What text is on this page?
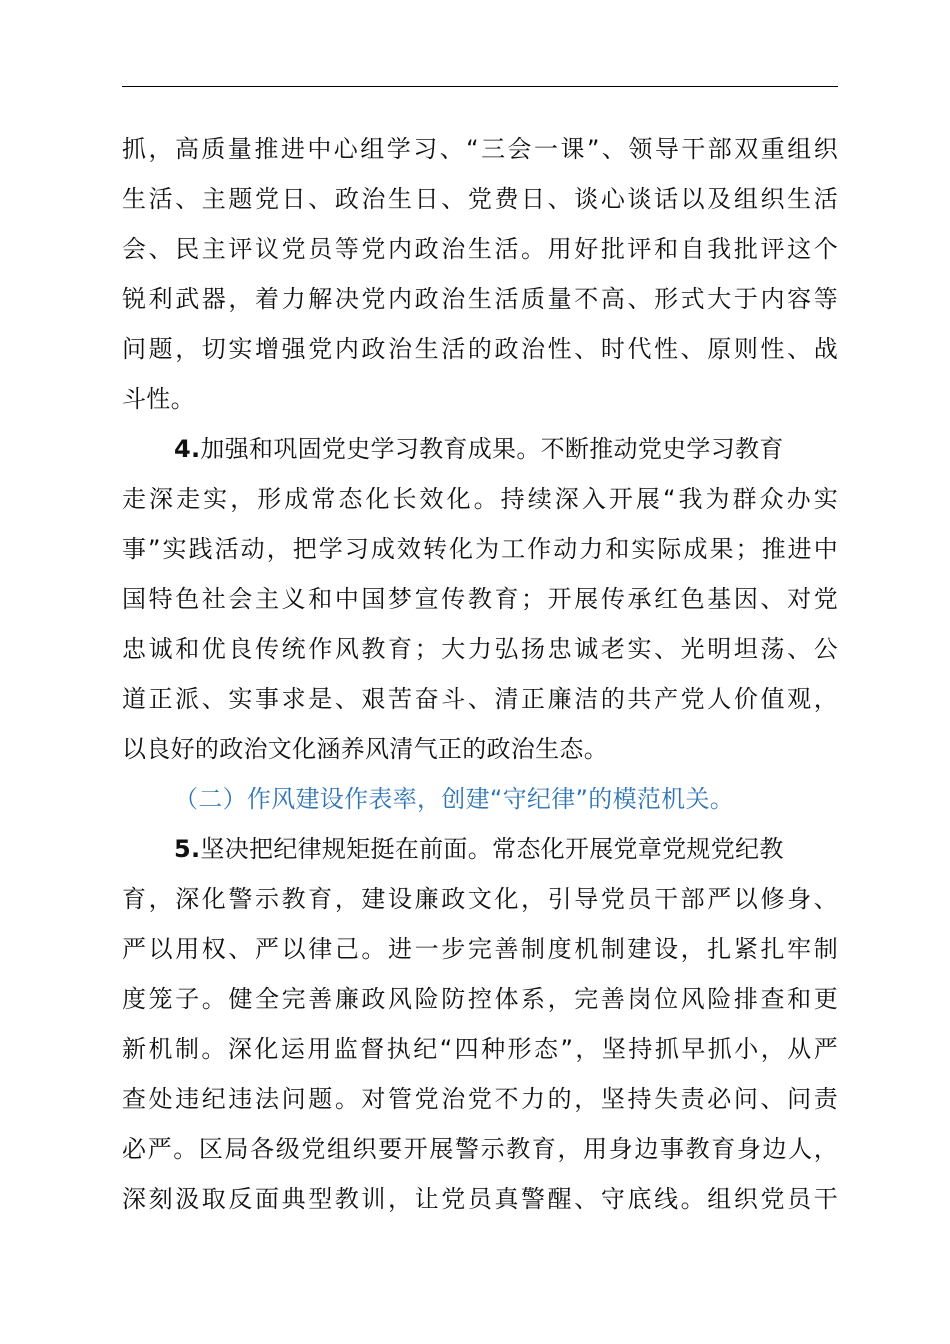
抓，高质量推进中心组学习、“三会一课”、领导干部双重组织
生活、主题党日、政治生日、党费日、谈心谈话以及组织生活
会、民主评议党员等党内政治生活。用好批评和自我批评这个
锐利武器，着力解决党内政治生活质量不高、形式大于内容等
问题，切实增强党内政治生活的政治性、时代性、原则性、战
斗性。
4.加强和巩固党史学习教育成果。不断推动党史学习教育
走深走实，形成常态化长效化。持续深入开展“我为群众办实
事”实践活动，把学习成效转化为工作动力和实际成果；推进中
国特色社会主义和中国梦宣传教育；开展传承红色基因、对党
忠诚和优良传统作风教育；大力弘扬忠诚老实、光明坦荡、公
道正派、实事求是、艰苦奋斗、清正廉洁的共产党人价值观，
以良好的政治文化涵养风清气正的政治生态。
（二）作风建设作表率，创建“守纪律”的模范机关。
5.坚决把纪律规矩挺在前面。常态化开展党章党规党纪教
育，深化警示教育，建设廉政文化，引导党员干部严以修身、
严以用权、严以律己。进一步完善制度机制建设，扎紧扎牢制
度笼子。健全完善廉政风险防控体系，完善岗位风险排查和更
新机制。深化运用监督执纪“四种形态”，坚持抓早抓小，从严
查处违纪违法问题。对管党治党不力的，坚持失责必问、问责
必严。区局各级党组织要开展警示教育，用身边事教育身边人，
深刻汲取反面典型教训，让党员真警醒、守底线。组织党员干
